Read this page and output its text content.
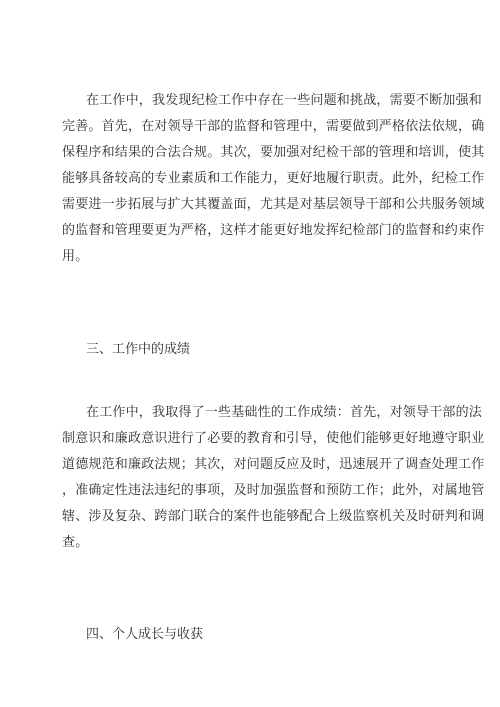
在工作中，我发现纪检工作中存在一些问题和挑战，需要不断加强和
完善。首先，在对领导干部的监督和管理中，需要做到严格依法依规，确
保程序和结果的合法合规。其次，要加强对纪检干部的管理和培训，使其
能够具备较高的专业素质和工作能力，更好地履行职责。此外，纪检工作
需要进一步拓展与扩大其覆盖面，尤其是对基层领导干部和公共服务领域
的监督和管理要更为严格，这样才能更好地发挥纪检部门的监督和约束作
用。
三、工作中的成绩
在工作中，我取得了一些基础性的工作成绩：首先，对领导干部的法
制意识和廉政意识进行了必要的教育和引导，使他们能够更好地遵守职业
道德规范和廉政法规；其次，对问题反应及时，迅速展开了调查处理工作
，准确定性违法违纪的事项，及时加强监督和预防工作；此外，对属地管
辖、涉及复杂、跨部门联合的案件也能够配合上级监察机关及时研判和调
查。
四、个人成长与收获
